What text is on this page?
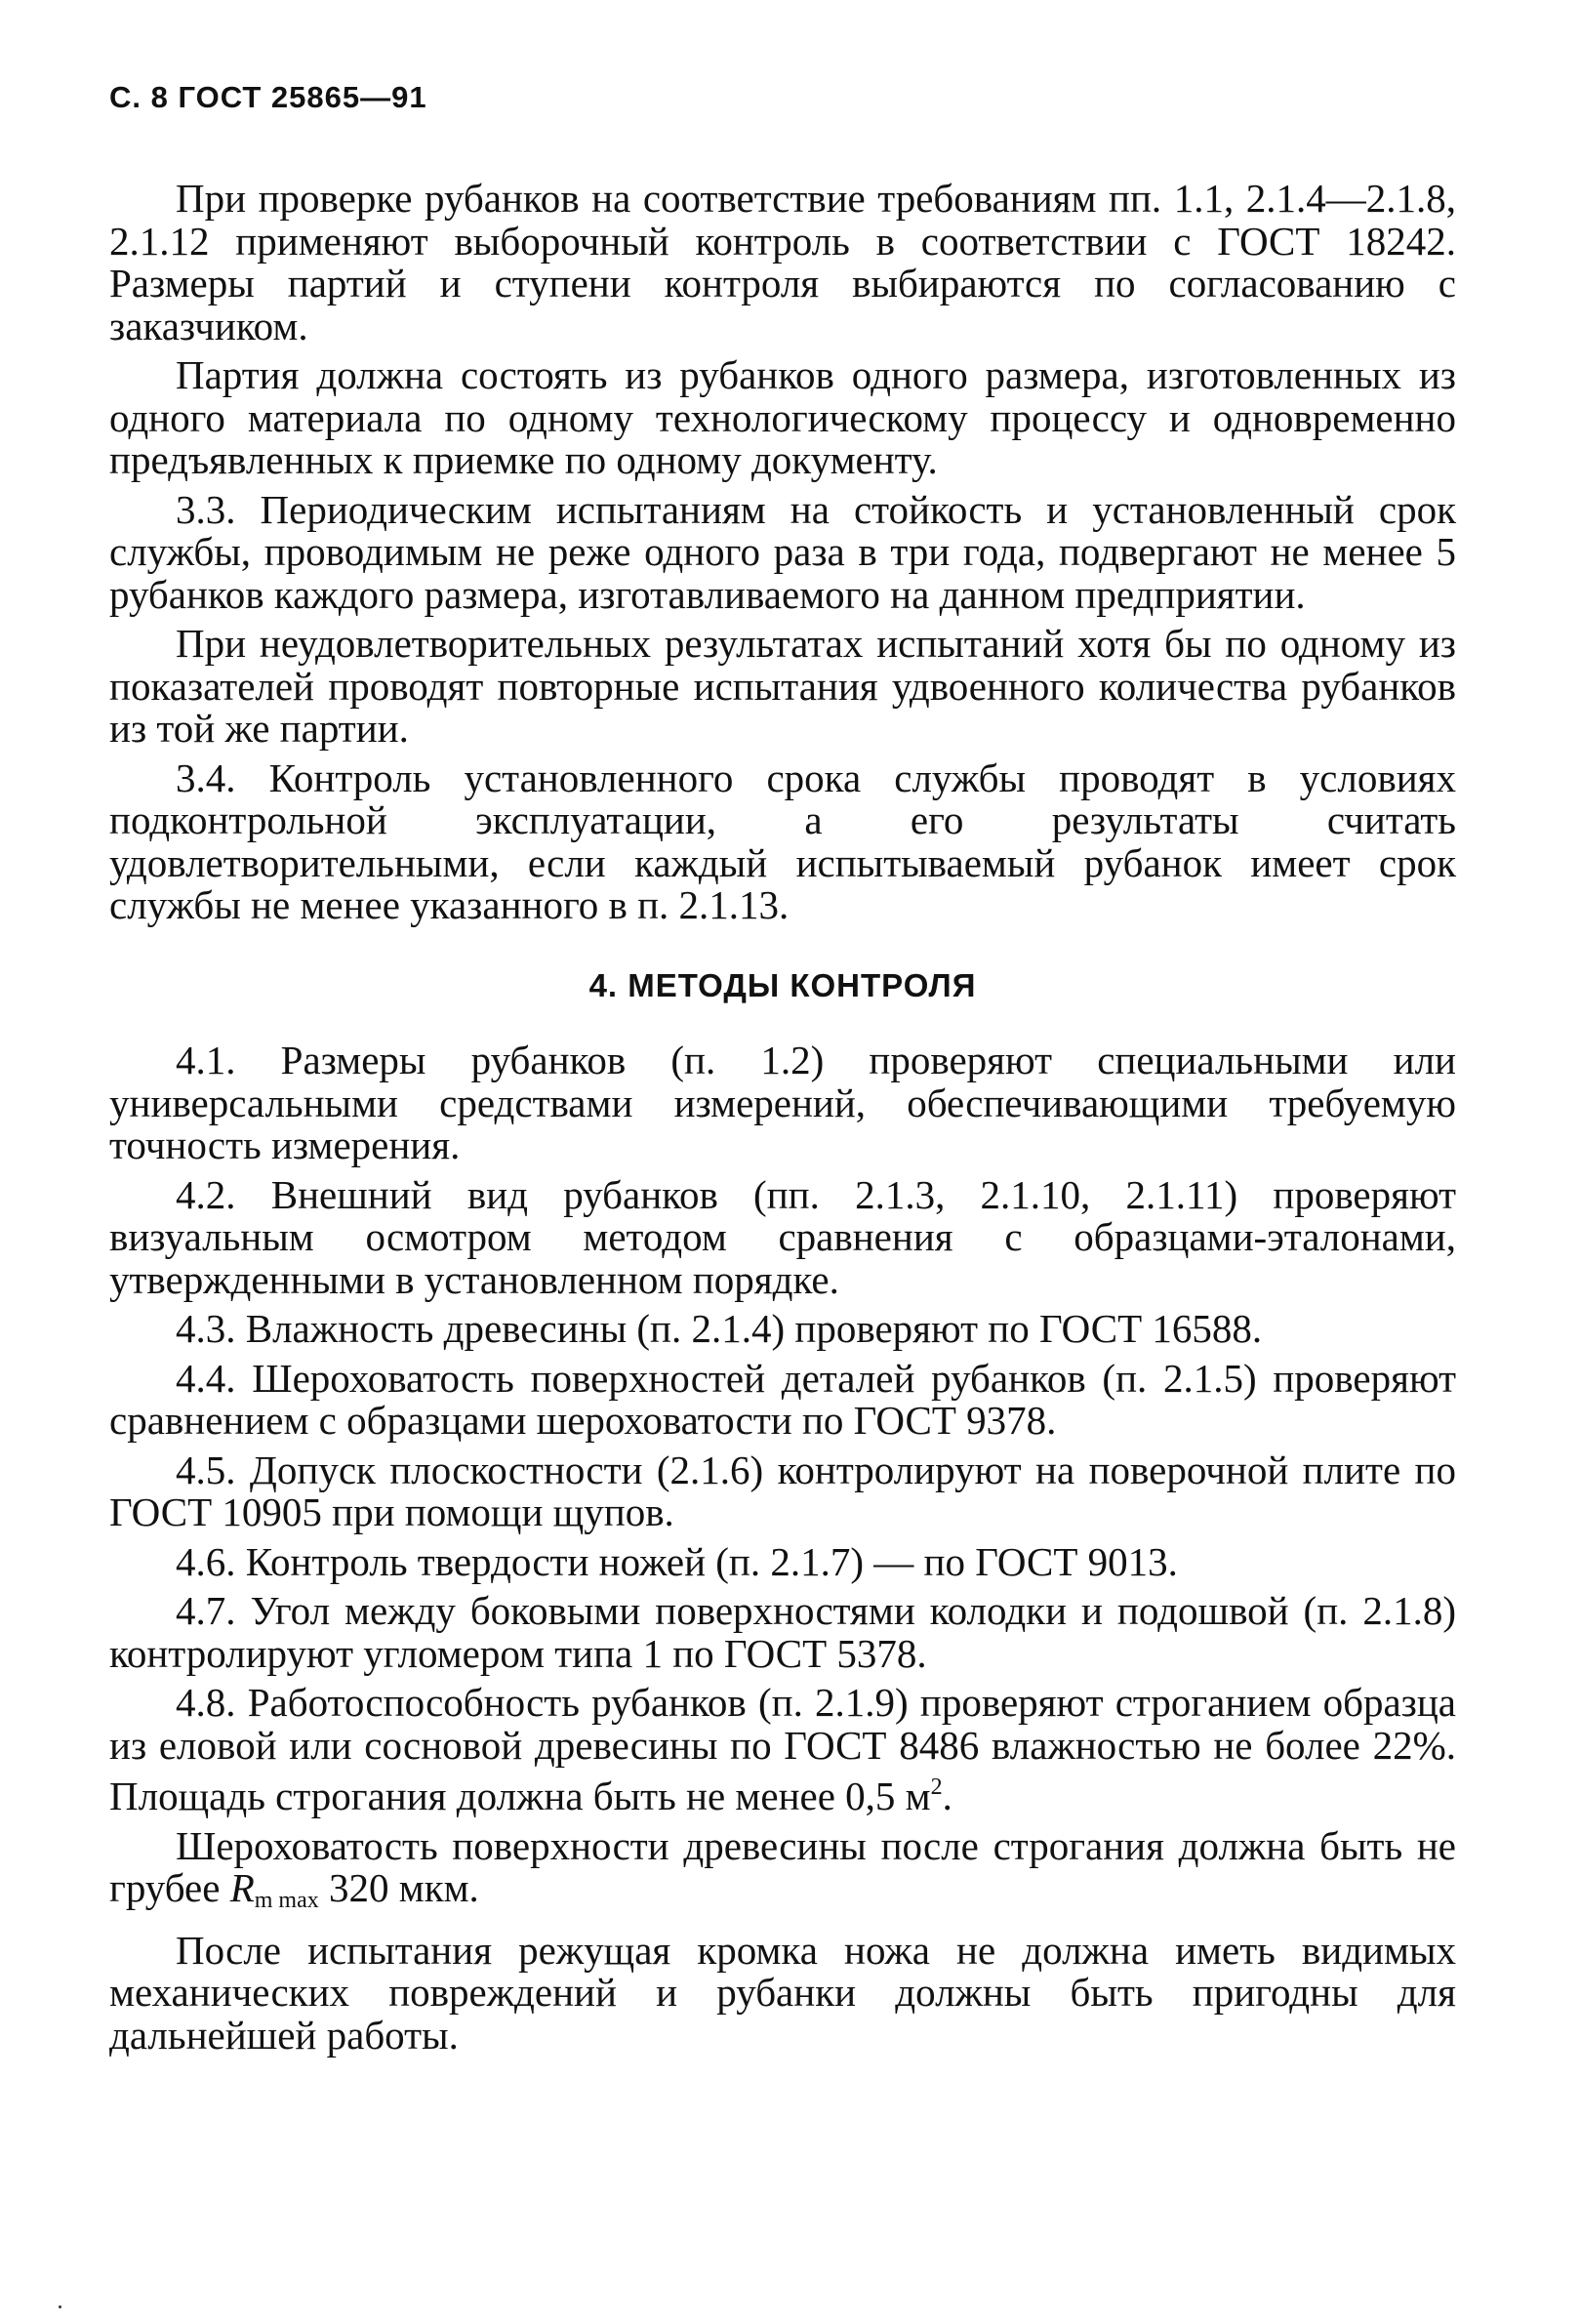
С. 8 ГОСТ 25865—91

При проверке рубанков на соответствие требованиям пп. 1.1, 2.1.4—2.1.8, 2.1.12 применяют выборочный контроль в соответствии с ГОСТ 18242. Размеры партий и ступени контроля выбираются по согласованию с заказчиком.

Партия должна состоять из рубанков одного размера, изготовленных из одного материала по одному технологическому процессу и одновременно предъявленных к приемке по одному документу.

3.3. Периодическим испытаниям на стойкость и установленный срок службы, проводимым не реже одного раза в три года, подвергают не менее 5 рубанков каждого размера, изготавливаемого на данном предприятии.

При неудовлетворительных результатах испытаний хотя бы по одному из показателей проводят повторные испытания удвоенного количества рубанков из той же партии.

3.4. Контроль установленного срока службы проводят в условиях подконтрольной эксплуатации, а его результаты считать удовлетворительными, если каждый испытываемый рубанок имеет срок службы не менее указанного в п. 2.1.13.

4. МЕТОДЫ КОНТРОЛЯ

4.1. Размеры рубанков (п. 1.2) проверяют специальными или универсальными средствами измерений, обеспечивающими требуемую точность измерения.

4.2. Внешний вид рубанков (пп. 2.1.3, 2.1.10, 2.1.11) проверяют визуальным осмотром методом сравнения с образцами-эталонами, утвержденными в установленном порядке.

4.3. Влажность древесины (п. 2.1.4) проверяют по ГОСТ 16588.

4.4. Шероховатость поверхностей деталей рубанков (п. 2.1.5) проверяют сравнением с образцами шероховатости по ГОСТ 9378.

4.5. Допуск плоскостности (2.1.6) контролируют на поверочной плите по ГОСТ 10905 при помощи щупов.

4.6. Контроль твердости ножей (п. 2.1.7) — по ГОСТ 9013.

4.7. Угол между боковыми поверхностями колодки и подошвой (п. 2.1.8) контролируют угломером типа 1 по ГОСТ 5378.

4.8. Работоспособность рубанков (п. 2.1.9) проверяют строганием образца из еловой или сосновой древесины по ГОСТ 8486 влажностью не более 22%. Площадь строгания должна быть не менее 0,5 $м^2$.

Шероховатость поверхности древесины после строгания должна быть не грубее $R_{m max}$ 320 мкм.

После испытания режущая кромка ножа не должна иметь видимых механических повреждений и рубанки должны быть пригодны для дальнейшей работы.
